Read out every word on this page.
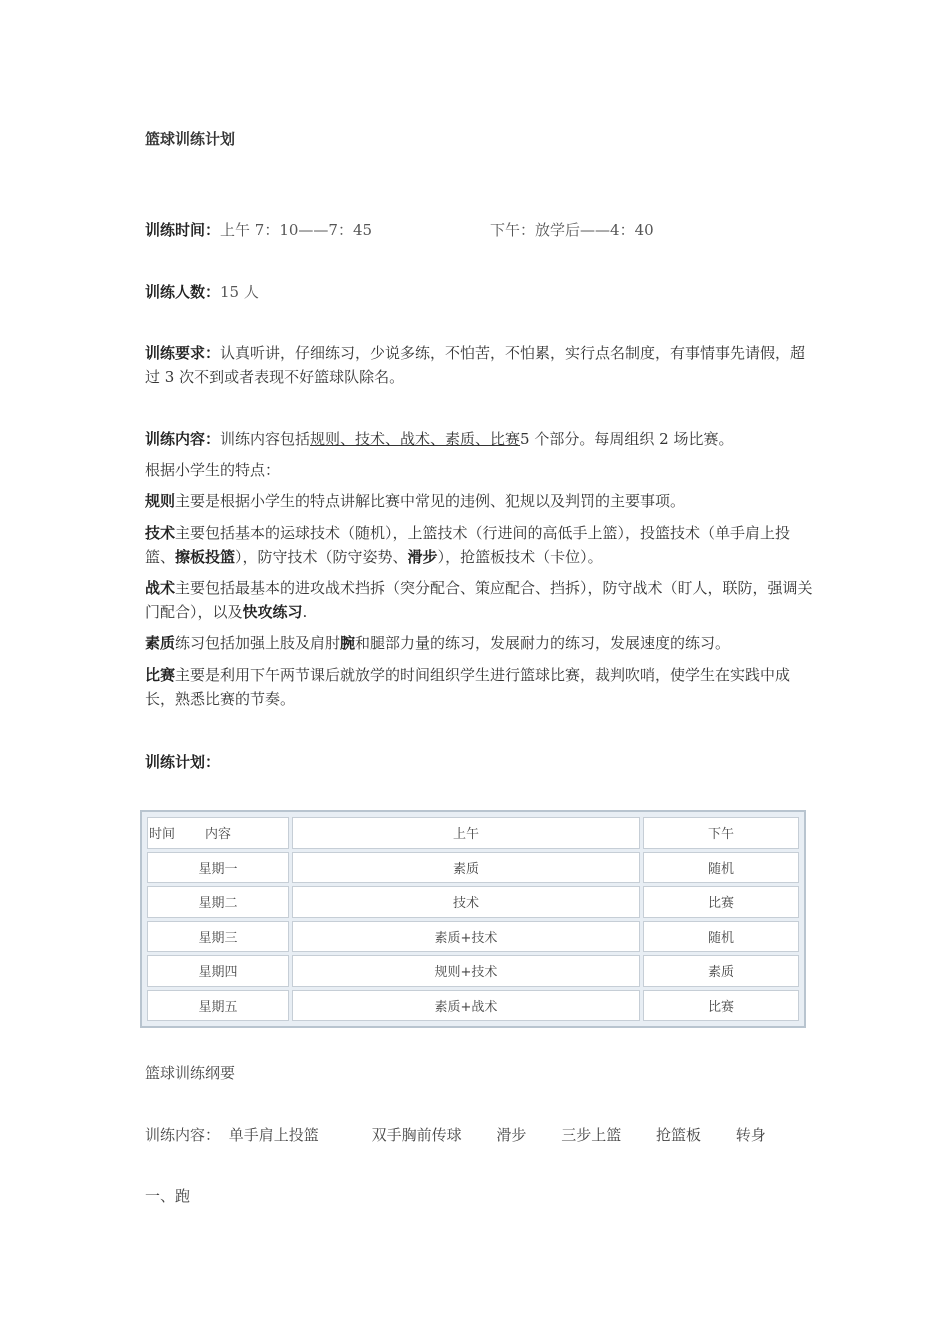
篮球训练计划
训练时间：上午 7：10——7：45	下午：放学后——4：40
训练人数：15 人
训练要求：认真听讲，仔细练习，少说多练，不怕苦，不怕累，实行点名制度，有事情事先请假，超过 3 次不到或者表现不好篮球队除名。
训练内容：训练内容包括规则、技术、战术、素质、比赛5 个部分。每周组织 2 场比赛。
根据小学生的特点：
规则主要是根据小学生的特点讲解比赛中常见的违例、犯规以及判罚的主要事项。
技术主要包括基本的运球技术（随机），上篮技术（行进间的高低手上篮），投篮技术（单手肩上投篮、擦板投篮），防守技术（防守姿势、滑步），抢篮板技术（卡位）。
战术主要包括最基本的进攻战术挡拆（突分配合、策应配合、挡拆），防守战术（盯人，联防，强调关门配合），以及快攻练习.
素质练习包括加强上肢及肩肘腕和腿部力量的练习，发展耐力的练习，发展速度的练习。
比赛主要是利用下午两节课后就放学的时间组织学生进行篮球比赛，裁判吹哨，使学生在实践中成长，熟悉比赛的节奏。
训练计划：
篮球训练纲要
训练内容： 单手肩上投篮	双手胸前传球 滑步 三步上篮 抢篮板 转身
一、跑
时间 内容	上午	下午
星期一	素质	随机
星期二	技术	比赛
星期三	素质+技术	随机
星期四	规则+技术	素质
星期五	素质+战术	比赛
